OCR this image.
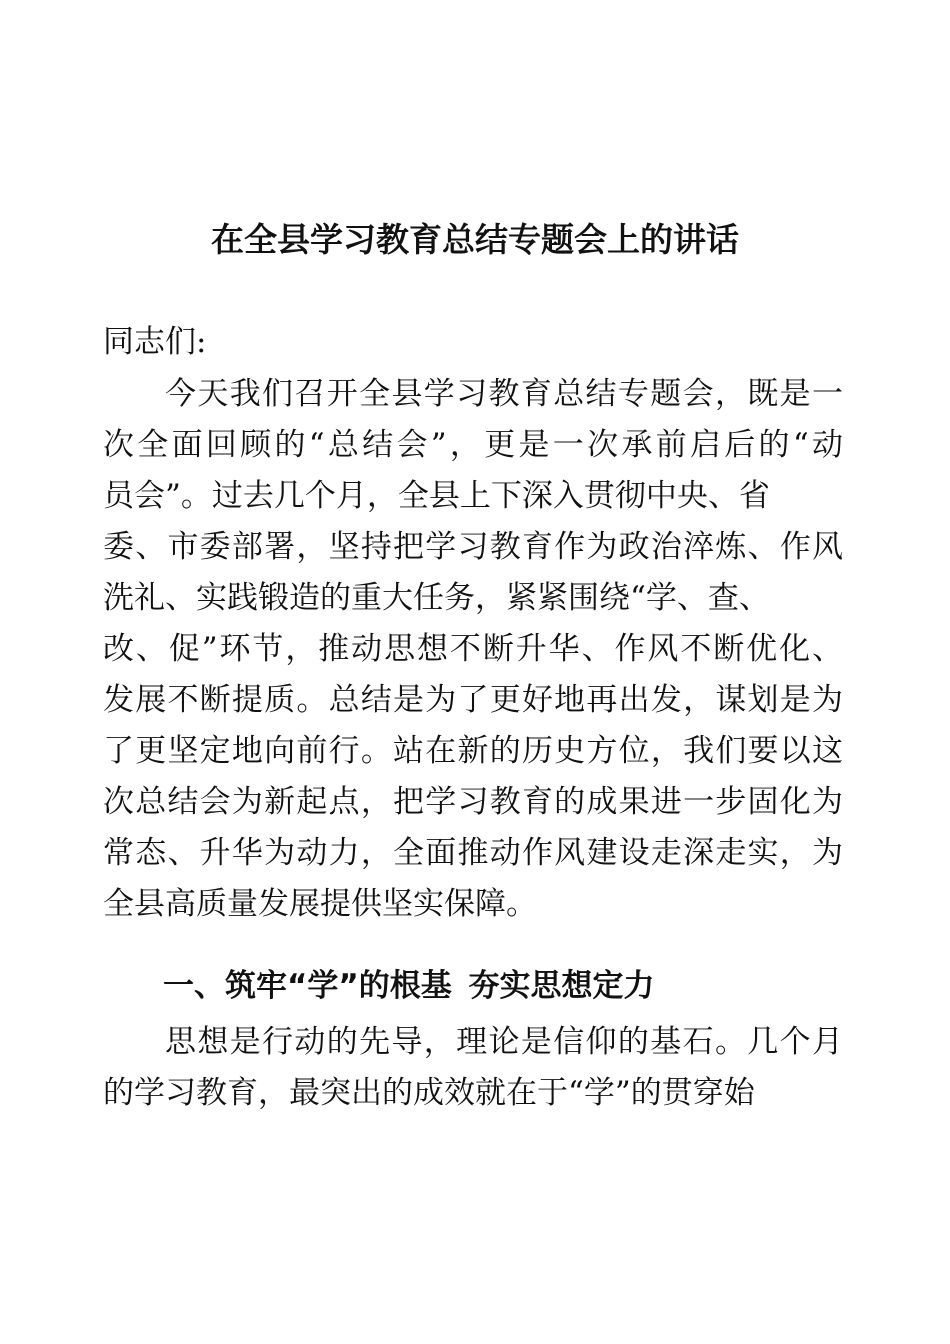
在全县学习教育总结专题会上的讲话

同志们:

今天我们召开全县学习教育总结专题会，既是一

次全面回顾的“总结会”，更是一次承前启后的“动

员会”。过去几个月，全县上下深入贯彻中央、省

委、市委部署，坚持把学习教育作为政治淬炼、作风

洗礼、实践锻造的重大任务，紧紧围绕“学、查、

改、促”环节，推动思想不断升华、作风不断优化、

发展不断提质。总结是为了更好地再出发，谋划是为

了更坚定地向前行。站在新的历史方位，我们要以这

次总结会为新起点，把学习教育的成果进一步固化为

常态、升华为动力，全面推动作风建设走深走实，为

全县高质量发展提供坚实保障。

一、筑牢“学”的根基 夯实思想定力

思想是行动的先导，理论是信仰的基石。几个月

的学习教育，最突出的成效就在于“学”的贯穿始
